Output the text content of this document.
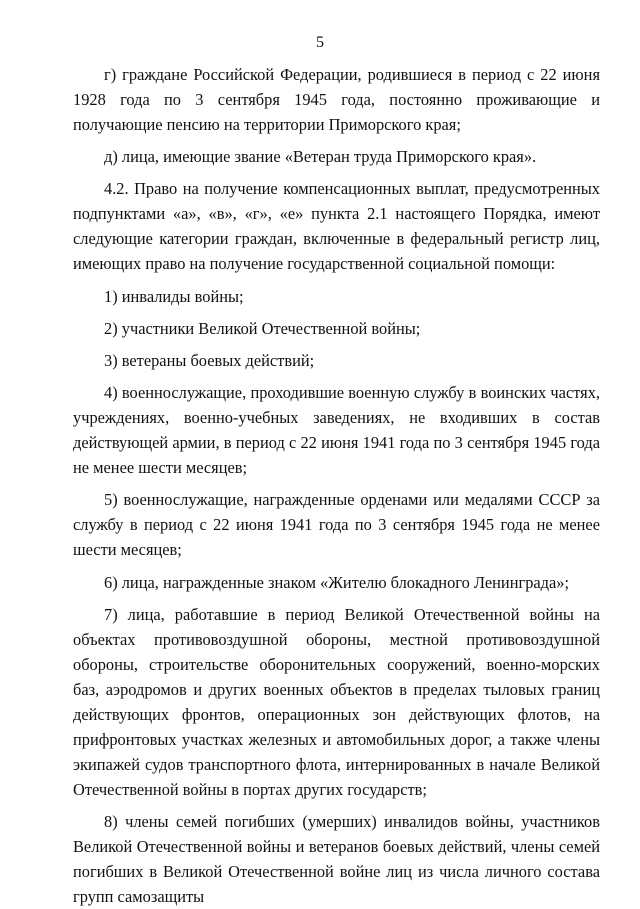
5

г) граждане Российской Федерации, родившиеся в период с 22 июня 1928 года по 3 сентября 1945 года, постоянно проживающие и получающие пенсию на территории Приморского края;

д) лица, имеющие звание «Ветеран труда Приморского края».

4.2. Право на получение компенсационных выплат, предусмотренных подпунктами «а», «в», «г», «е» пункта 2.1 настоящего Порядка, имеют следующие категории граждан, включенные в федеральный регистр лиц, имеющих право на получение государственной социальной помощи:

1) инвалиды войны;

2) участники Великой Отечественной войны;

3) ветераны боевых действий;

4) военнослужащие, проходившие военную службу в воинских частях, учреждениях, военно-учебных заведениях, не входивших в состав действующей армии, в период с 22 июня 1941 года по 3 сентября 1945 года не менее шести месяцев;

5) военнослужащие, награжденные орденами или медалями СССР за службу в период с 22 июня 1941 года по 3 сентября 1945 года не менее шести месяцев;

6) лица, награжденные знаком «Жителю блокадного Ленинграда»;

7) лица, работавшие в период Великой Отечественной войны на объектах противовоздушной обороны, местной противовоздушной обороны, строительстве оборонительных сооружений, военно-морских баз, аэродромов и других военных объектов в пределах тыловых границ действующих фронтов, операционных зон действующих флотов, на прифронтовых участках железных и автомобильных дорог, а также члены экипажей судов транспортного флота, интернированных в начале Великой Отечественной войны в портах других государств;

8) члены семей погибших (умерших) инвалидов войны, участников Великой Отечественной войны и ветеранов боевых действий, члены семей погибших в Великой Отечественной войне лиц из числа личного состава групп самозащиты
